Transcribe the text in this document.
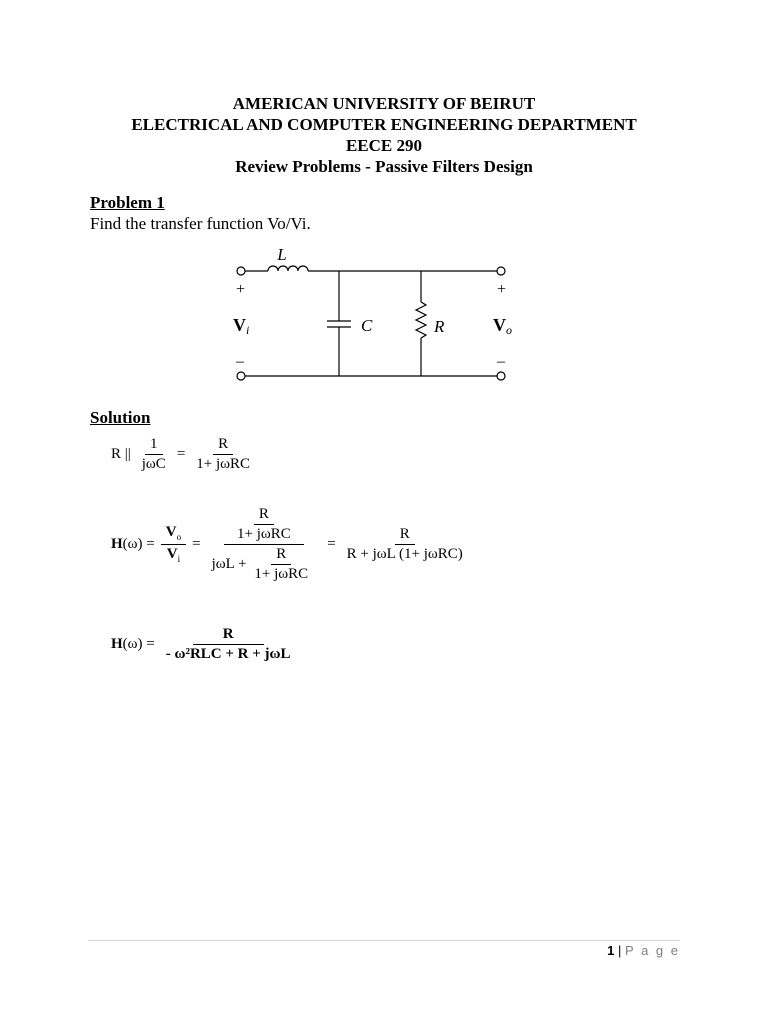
AMERICAN UNIVERSITY OF BEIRUT
ELECTRICAL AND COMPUTER ENGINEERING DEPARTMENT
EECE 290
Review Problems - Passive Filters Design
Problem 1
Find the transfer function Vo/Vi.
L
C	R
+
–
Vi
+
–
Vo
Solution
R || $\frac{1}{\text{jωC}} = \frac{R}{\text{1+ jωRC}}$
$H(\omega) = \frac{V_o}{V_i} = \frac{\frac{R}{\text{1+ jωRC}}}{j\omega L + \frac{R}{\text{1+ jωRC}}} = \frac{R}{\text{R + jωL (1+ jωRC)}}$
$H(\omega) = \frac{R}{\text{- ω²RLC + R + jωL}}$
1 | P a g e
